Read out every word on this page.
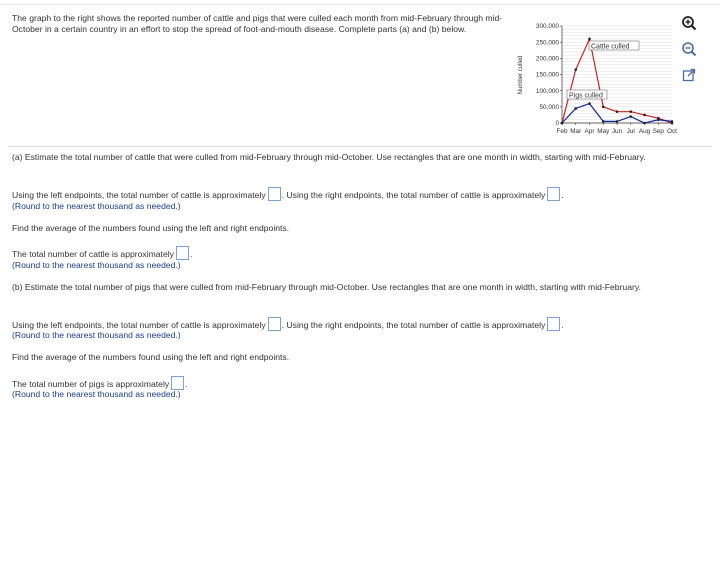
The graph to the right shows the reported number of cattle and pigs that were culled each month from mid-February through mid-October in a certain country in an effort to stop the spread of foot-and-mouth disease. Complete parts (a) and (b) below.	300,000
250,000
200,000
150,000
100,000
50,000
0
Feb Mar Apr May Jun Jul Aug Sep Oct
Number culled
Cattle culled
Pigs culled
(a) Estimate the total number of cattle that were culled from mid-February through mid-October. Use rectangles that are one month in width, starting with mid-February.
Using the left endpoints, the total number of cattle is approximately . Using the right endpoints, the total number of cattle is approximately .
(Round to the nearest thousand as needed.)
Find the average of the numbers found using the left and right endpoints.
The total number of cattle is approximately .
(Round to the nearest thousand as needed.)
(b) Estimate the total number of pigs that were culled from mid-February through mid-October. Use rectangles that are one month in width, starting with mid-February.
Using the left endpoints, the total number of cattle is approximately . Using the right endpoints, the total number of cattle is approximately .
(Round to the nearest thousand as needed.)
Find the average of the numbers found using the left and right endpoints.
The total number of pigs is approximately .
(Round to the nearest thousand as needed.)
